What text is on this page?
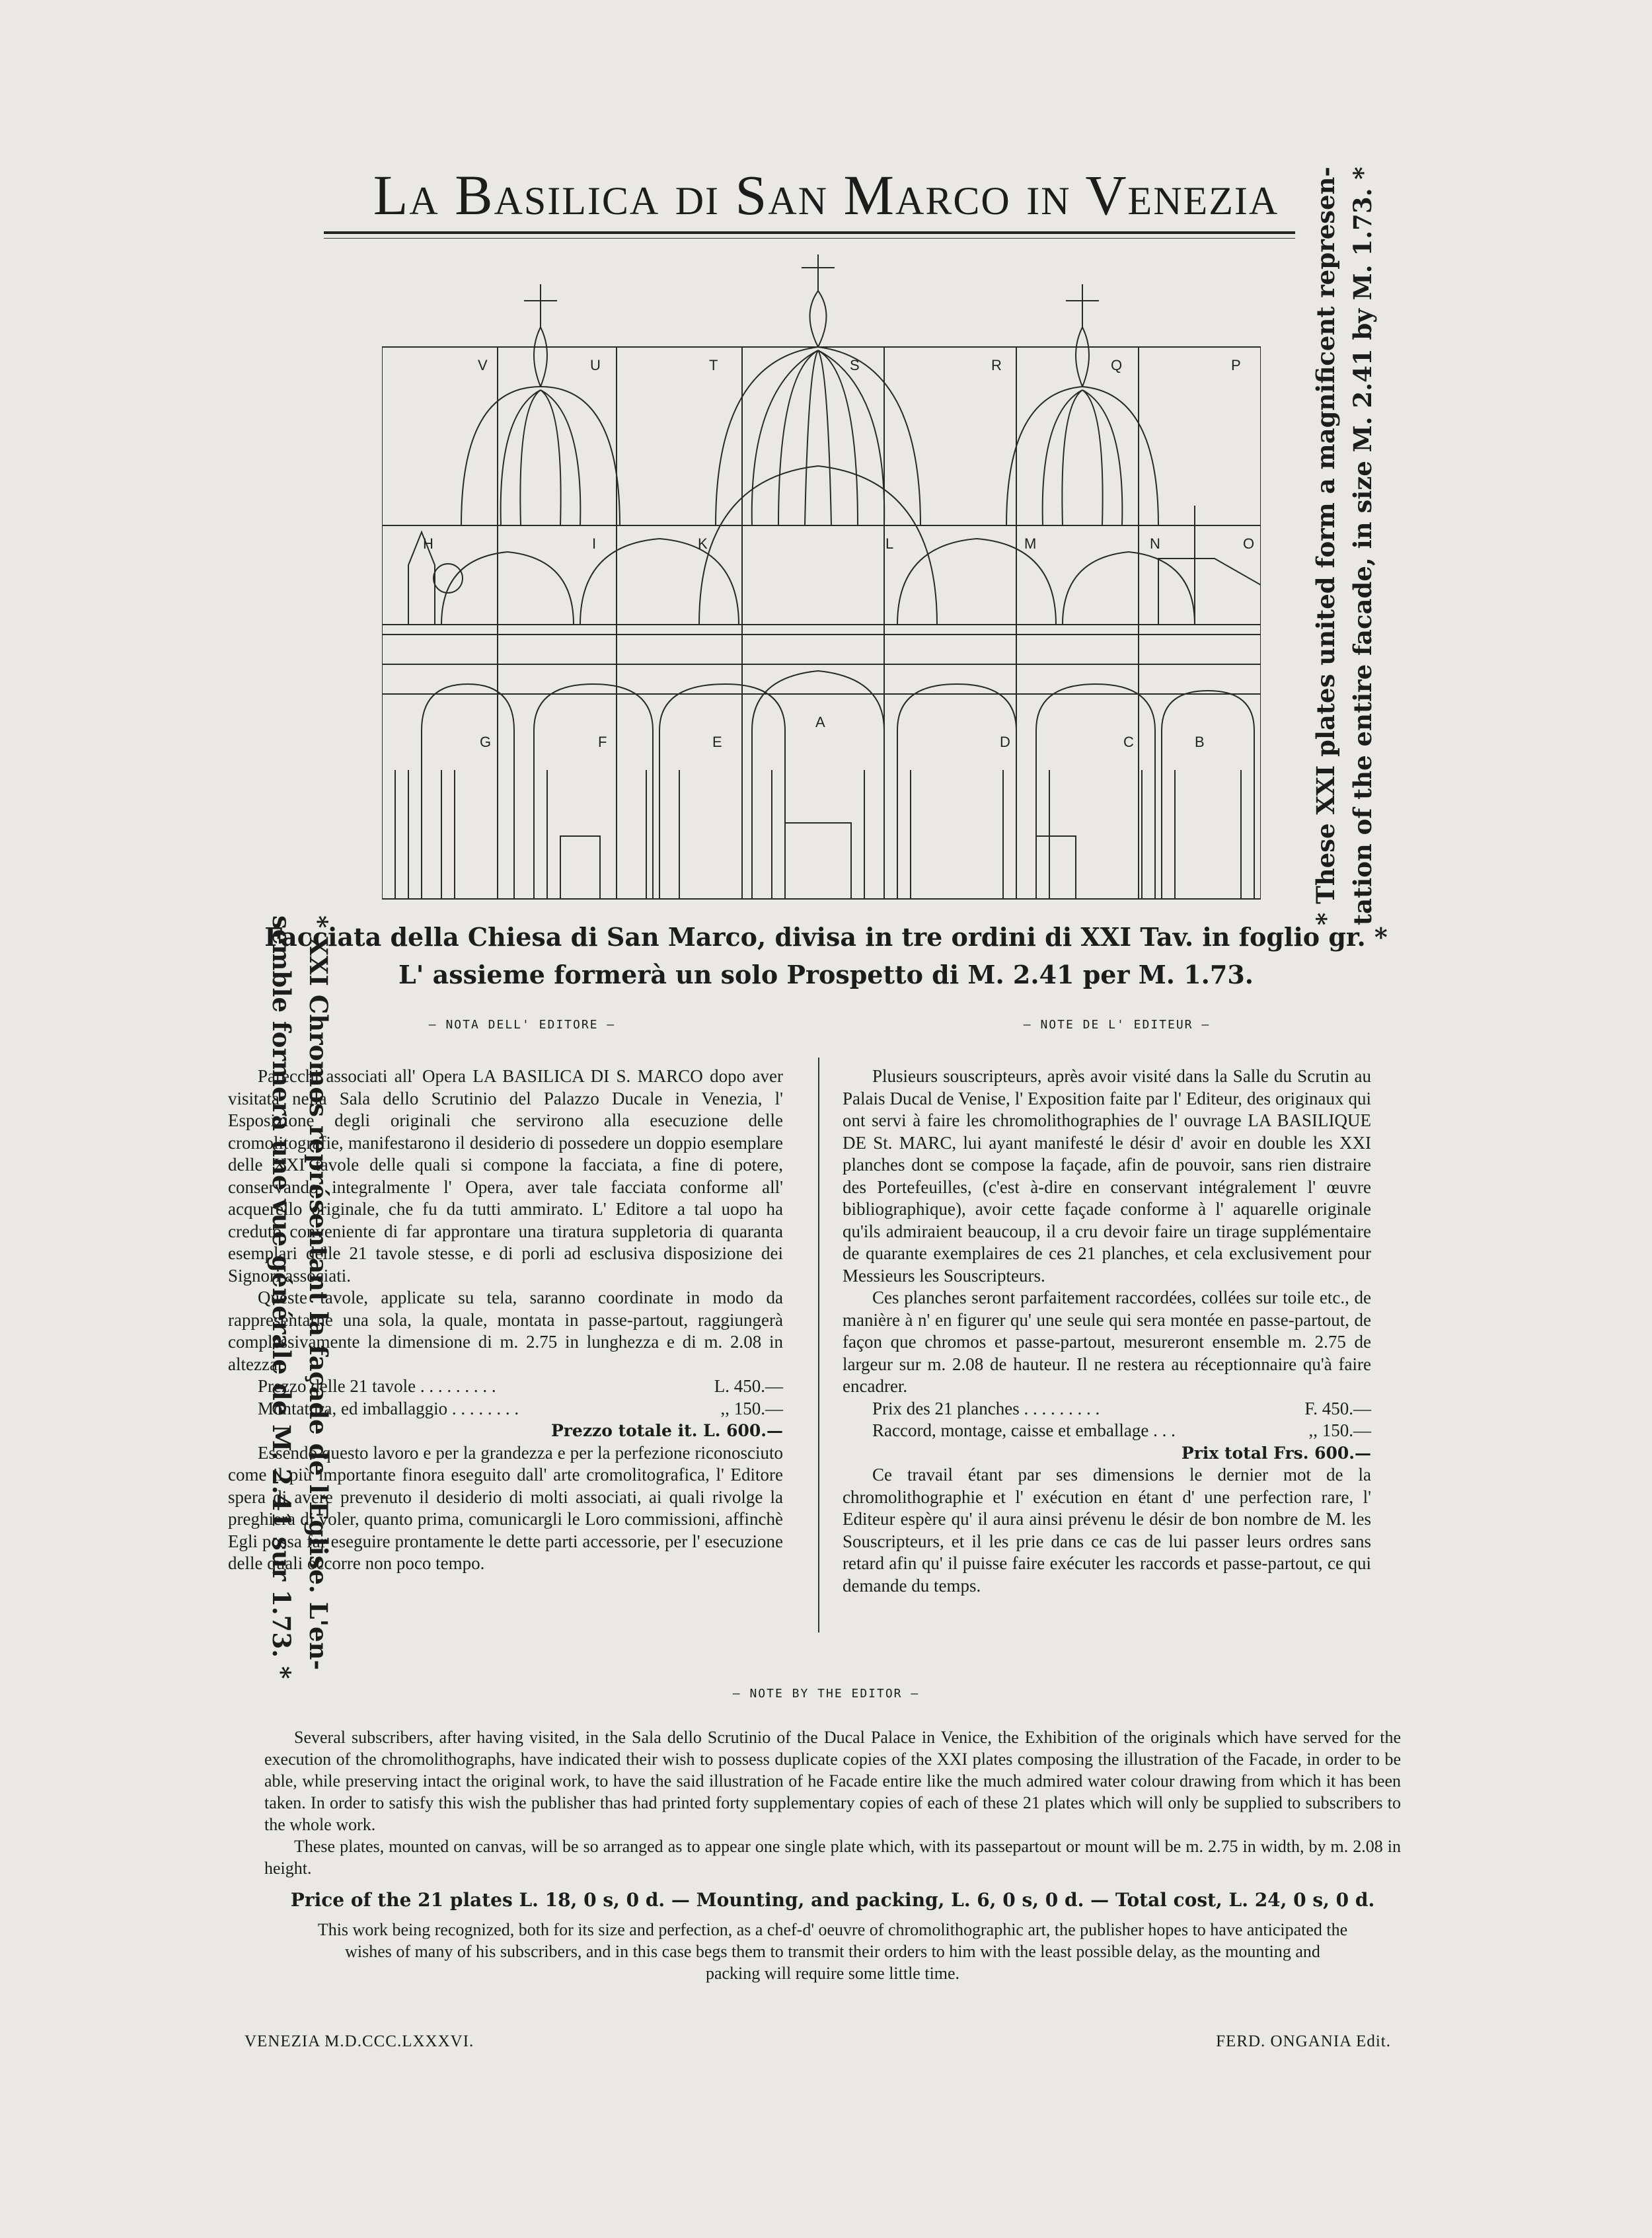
La Basilica di San Marco in Venezia
* XXI Chromos représentant la façade de l'Eglise. L'en-
semble formera une vue générale de M. 2.41 sur 1.73. *
* These XXI plates united form a magnificent represen- tation of the entire facade, in size M. 2.41 by M. 1.73. *
V	U	T	S	R	Q	P
H	I	K	L	M	N	O
G	F	E
A
D	C	B
Facciata della Chiesa di San Marco, divisa in tre ordini di XXI Tav. in foglio gr. *
L' assieme formerà un solo Prospetto di M. 2.41 per M. 1.73.
— NOTA DELL' EDITORE —	— NOTE DE L' EDITEUR —

Parecchi associati all' Opera LA BASILICA DI S. MARCO dopo aver visitata nella Sala dello Scrutinio del Palazzo Ducale in Venezia, l' Esposizione degli originali che servirono alla esecuzione delle cromolitografie, manifestarono il desiderio di possedere un doppio esemplare delle XXI tavole delle quali si compone la facciata, a fine di potere, conservando integralmente l' Opera, aver tale facciata conforme all' acquerello originale, che fu da tutti ammirato. L' Editore a tal uopo ha creduto conveniente di far approntare una tiratura suppletoria di quaranta esemplari delle 21 tavole stesse, e di porli ad esclusiva disposizione dei Signori associati.

Queste tavole, applicate su tela, saranno coordinate in modo da rappresentarne una sola, la quale, montata in passe-partout, raggiungerà complessivamente la dimensione di m. 2.75 in lunghezza e di m. 2.08 in altezza.

Prezzo delle 21 tavole . . . . . . . . .	L. 450.—

Montatura, ed imballaggio . . . . . . . .	,, 150.—

Prezzo totale it. L. 600.—

Essendo questo lavoro e per la grandezza e per la perfezione riconosciuto come il più importante finora eseguito dall' arte cromolitografica, l' Editore spera di avere prevenuto il desiderio di molti associati, ai quali rivolge la preghiera di voler, quanto prima, comunicargli le Loro commissioni, affinchè Egli possa far eseguire prontamente le dette parti accessorie, per l' esecuzione delle quali occorre non poco tempo.

Plusieurs souscripteurs, après avoir visité dans la Salle du Scrutin au Palais Ducal de Venise, l' Exposition faite par l' Editeur, des originaux qui ont servi à faire les chromolithographies de l' ouvrage LA BASILIQUE DE St. MARC, lui ayant manifesté le désir d' avoir en double les XXI planches dont se compose la façade, afin de pouvoir, sans rien distraire des Portefeuilles, (c'est à-dire en conservant intégralement l' œuvre bibliographique), avoir cette façade conforme à l' aquarelle originale qu'ils admiraient beaucoup, il a cru devoir faire un tirage supplémentaire de quarante exemplaires de ces 21 planches, et cela exclusivement pour Messieurs les Souscripteurs.

Ces planches seront parfaitement raccordées, collées sur toile etc., de manière à n' en figurer qu' une seule qui sera montée en passe-partout, de façon que chromos et passe-partout, mesureront ensemble m. 2.75 de largeur sur m. 2.08 de hauteur. Il ne restera au réceptionnaire qu'à faire encadrer.

Prix des 21 planches . . . . . . . . .	F. 450.—

Raccord, montage, caisse et emballage . . .	,, 150.—

Prix total Frs. 600.—

Ce travail étant par ses dimensions le dernier mot de la chromolithographie et l' exécution en étant d' une perfection rare, l' Editeur espère qu' il aura ainsi prévenu le désir de bon nombre de M. les Souscripteurs, et il les prie dans ce cas de lui passer leurs ordres sans retard afin qu' il puisse faire exécuter les raccords et passe-partout, ce qui demande du temps.

— NOTE BY THE EDITOR —

Several subscribers, after having visited, in the Sala dello Scrutinio of the Ducal Palace in Venice, the Exhibition of the originals which have served for the execution of the chromolithographs, have indicated their wish to possess duplicate copies of the XXI plates composing the illustration of the Facade, in order to be able, while preserving intact the original work, to have the said illustration of he Facade entire like the much admired water colour drawing from which it has been taken. In order to satisfy this wish the publisher thas had printed forty supplementary copies of each of these 21 plates which will only be supplied to subscribers to the whole work.

These plates, mounted on canvas, will be so arranged as to appear one single plate which, with its passepartout or mount will be m. 2.75 in width, by m. 2.08 in height.

Price of the 21 plates L. 18, 0 s, 0 d. — Mounting, and packing, L. 6, 0 s, 0 d. — Total cost, L. 24, 0 s, 0 d.
This work being recognized, both for its size and perfection, as a chef-d' oeuvre of chromolithographic art, the publisher hopes to have anticipated the wishes of many of his subscribers, and in this case begs them to transmit their orders to him with the least possible delay, as the mounting and packing will require some little time.
VENEZIA M.D.CCC.LXXXVI.	FERD. ONGANIA Edit.
